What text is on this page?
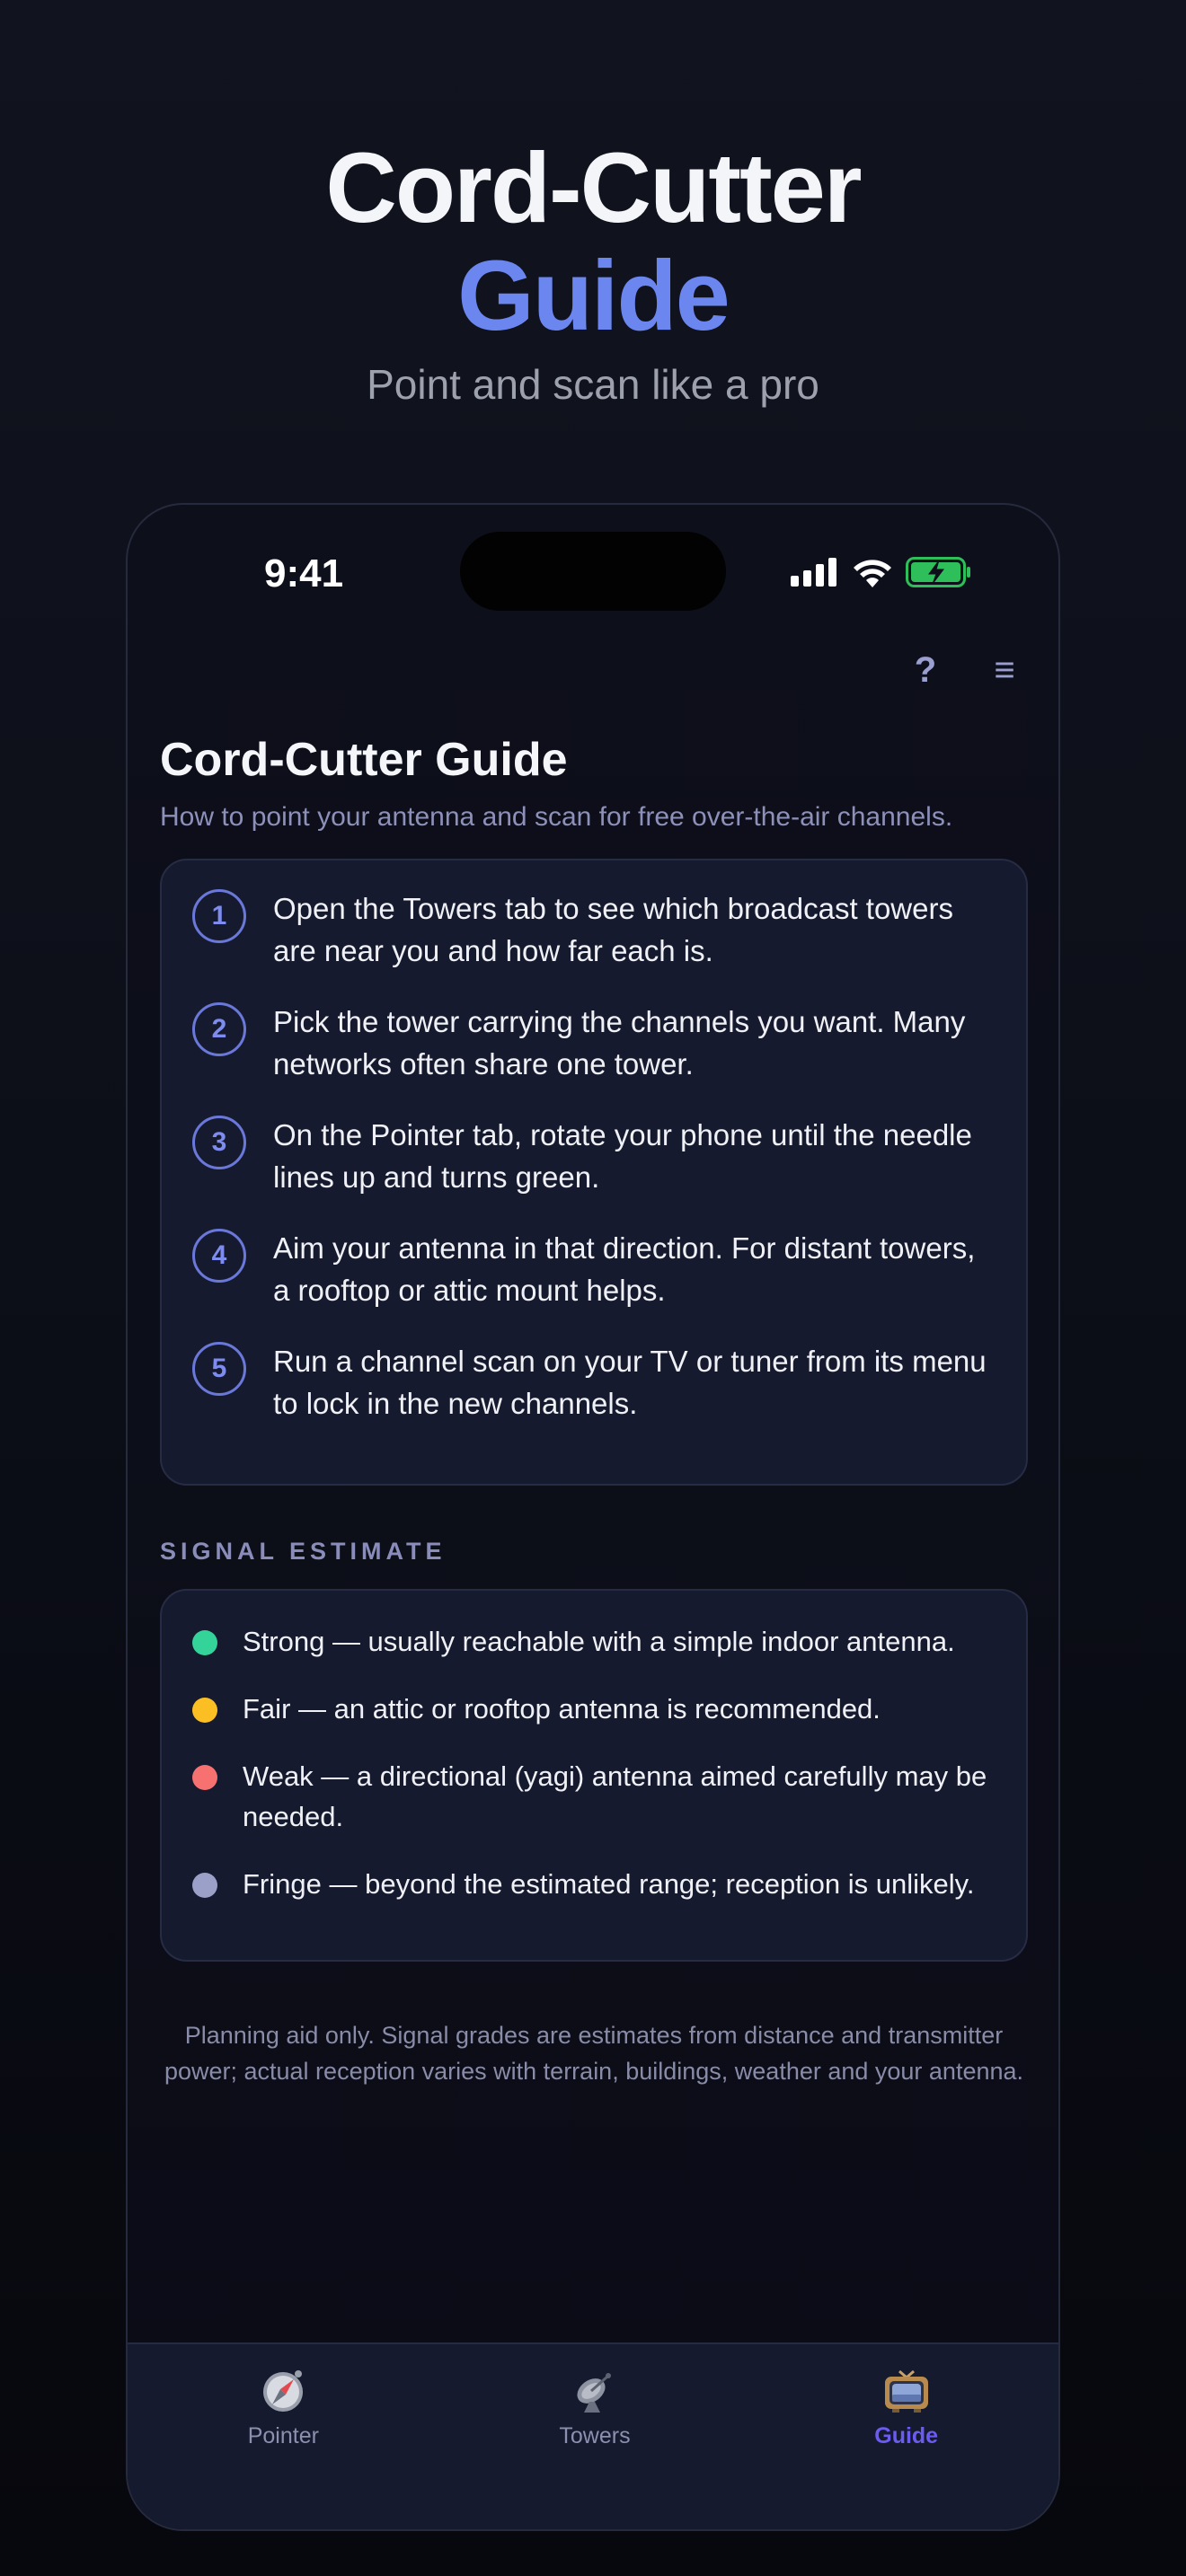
Cord-Cutter
Guide
Point and scan like a pro
9:41
? ≡
Cord-Cutter Guide
How to point your antenna and scan for free over-the-air channels.
1	Open the Towers tab to see which broadcast towers are near you and how far each is.
2	Pick the tower carrying the channels you want. Many networks often share one tower.
3	On the Pointer tab, rotate your phone until the needle lines up and turns green.
4	Aim your antenna in that direction. For distant towers, a rooftop or attic mount helps.
5	Run a channel scan on your TV or tuner from its menu to lock in the new channels.
SIGNAL ESTIMATE
Strong — usually reachable with a simple indoor antenna.
Fair — an attic or rooftop antenna is recommended.
Weak — a directional (yagi) antenna aimed carefully may be needed.
Fringe — beyond the estimated range; reception is unlikely.
Planning aid only. Signal grades are estimates from distance and transmitter power; actual reception varies with terrain, buildings, weather and your antenna.
Pointer	Towers	Guide
